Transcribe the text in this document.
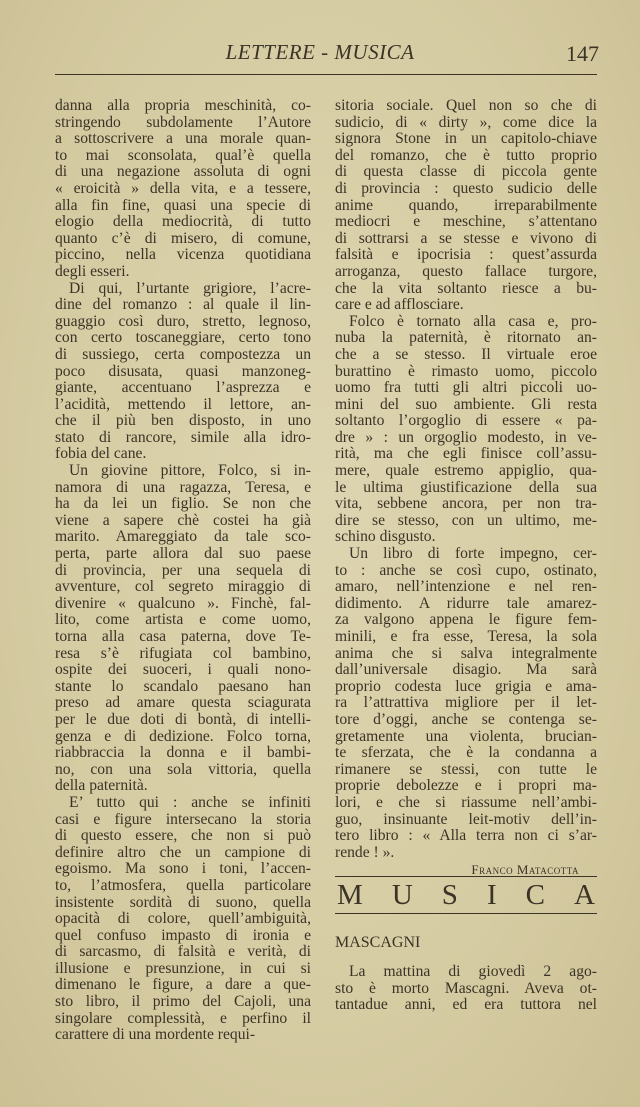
LETTERE - MUSICA	147
danna alla propria meschinità, co-
stringendo subdolamente l’Autore
a sottoscrivere a una morale quan-
to mai sconsolata, qual’è quella
di una negazione assoluta di ogni
« eroicità » della vita, e a tessere,
alla fin fine, quasi una specie di
elogio della mediocrità, di tutto
quanto c’è di misero, di comune,
piccino, nella vicenza quotidiana
degli esseri.
Di qui, l’urtante grigiore, l’acre-
dine del romanzo : al quale il lin-
guaggio così duro, stretto, legnoso,
con certo toscaneggiare, certo tono
di sussiego, certa compostezza un
poco disusata, quasi manzoneg-
giante, accentuano l’asprezza e
l’acidità, mettendo il lettore, an-
che il più ben disposto, in uno
stato di rancore, simile alla idro-
fobia del cane.
Un giovine pittore, Folco, si in-
namora di una ragazza, Teresa, e
ha da lei un figlio. Se non che
viene a sapere chè costei ha già
marito. Amareggiato da tale sco-
perta, parte allora dal suo paese
di provincia, per una sequela di
avventure, col segreto miraggio di
divenire « qualcuno ». Finchè, fal-
lito, come artista e come uomo,
torna alla casa paterna, dove Te-
resa s’è rifugiata col bambino,
ospite dei suoceri, i quali nono-
stante lo scandalo paesano han
preso ad amare questa sciagurata
per le due doti di bontà, di intelli-
genza e di dedizione. Folco torna,
riabbraccia la donna e il bambi-
no, con una sola vittoria, quella
della paternità.
E’ tutto qui : anche se infiniti
casi e figure intersecano la storia
di questo essere, che non si può
definire altro che un campione di
egoismo. Ma sono i toni, l’accen-
to, l’atmosfera, quella particolare
insistente sordità di suono, quella
opacità di colore, quell’ambiguità,
quel confuso impasto di ironia e
di sarcasmo, di falsità e verità, di
illusione e presunzione, in cui si
dimenano le figure, a dare a que-
sto libro, il primo del Cajoli, una
singolare complessità, e perfino il
carattere di una mordente requi-
sitoria sociale. Quel non so che di
sudicio, di « dirty », come dice la
signora Stone in un capitolo-chiave
del romanzo, che è tutto proprio
di questa classe di piccola gente
di provincia : questo sudicio delle
anime quando, irreparabilmente
mediocri e meschine, s’attentano
di sottrarsi a se stesse e vivono di
falsità e ipocrisia : quest’assurda
arroganza, questo fallace turgore,
che la vita soltanto riesce a bu-
care e ad afflosciare.
Folco è tornato alla casa e, pro-
nuba la paternità, è ritornato an-
che a se stesso. Il virtuale eroe
burattino è rimasto uomo, piccolo
uomo fra tutti gli altri piccoli uo-
mini del suo ambiente. Gli resta
soltanto l’orgoglio di essere « pa-
dre » : un orgoglio modesto, in ve-
rità, ma che egli finisce coll’assu-
mere, quale estremo appiglio, qua-
le ultima giustificazione della sua
vita, sebbene ancora, per non tra-
dire se stesso, con un ultimo, me-
schino disgusto.
Un libro di forte impegno, cer-
to : anche se così cupo, ostinato,
amaro, nell’intenzione e nel ren-
didimento. A ridurre tale amarez-
za valgono appena le figure fem-
minili, e fra esse, Teresa, la sola
anima che si salva integralmente
dall’universale disagio. Ma sarà
proprio codesta luce grigia e ama-
ra l’attrattiva migliore per il let-
tore d’oggi, anche se contenga se-
gretamente una violenta, brucian-
te sferzata, che è la condanna a
rimanere se stessi, con tutte le
proprie debolezze e i propri ma-
lori, e che si riassume nell’ambi-
guo, insinuante leit-motiv dell’in-
tero libro : « Alla terra non ci s’ar-
rende ! ».
Franco Matacotta
M U S I C A
MASCAGNI
La mattina di giovedì 2 ago-
sto è morto Mascagni. Aveva ot-
tantadue anni, ed era tuttora nel
